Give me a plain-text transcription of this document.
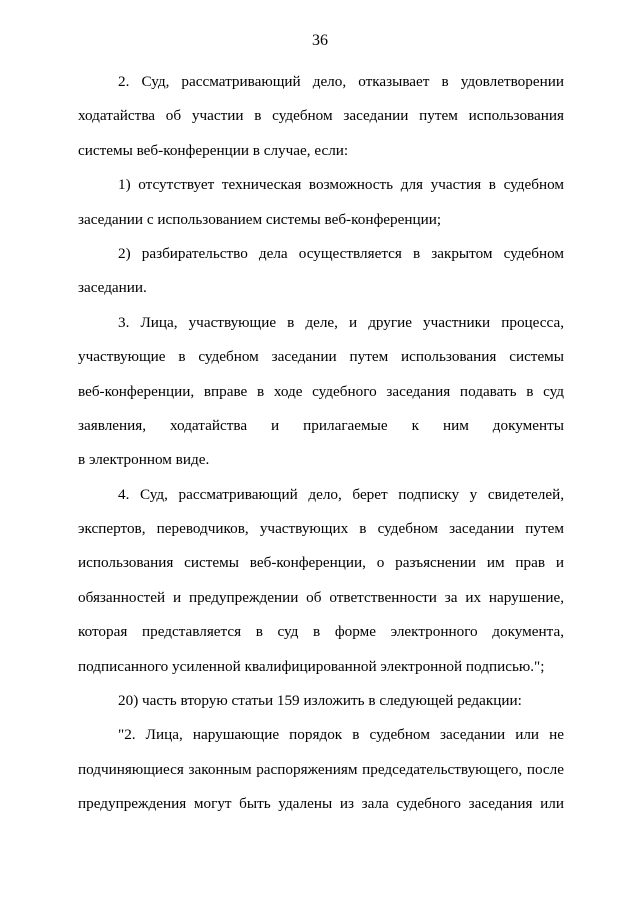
36
2. Суд, рассматривающий дело, отказывает в удовлетворении
ходатайства об участии в судебном заседании путем использования
системы веб-конференции в случае, если:
1) отсутствует техническая возможность для участия в судебном
заседании с использованием системы веб-конференции;
2) разбирательство дела осуществляется в закрытом судебном
заседании.
3. Лица, участвующие в деле, и другие участники процесса,
участвующие в судебном заседании путем использования системы
веб-конференции, вправе в ходе судебного заседания подавать в суд
заявления, ходатайства и прилагаемые к ним документы
в электронном виде.
4. Суд, рассматривающий дело, берет подписку у свидетелей,
экспертов, переводчиков, участвующих в судебном заседании путем
использования системы веб-конференции, о разъяснении им прав и
обязанностей и предупреждении об ответственности за их нарушение,
которая представляется в суд в форме электронного документа,
подписанного усиленной квалифицированной электронной подписью.";
20) часть вторую статьи 159 изложить в следующей редакции:
"2. Лица, нарушающие порядок в судебном заседании или не
подчиняющиеся законным распоряжениям председательствующего, после
предупреждения могут быть удалены из зала судебного заседания или
